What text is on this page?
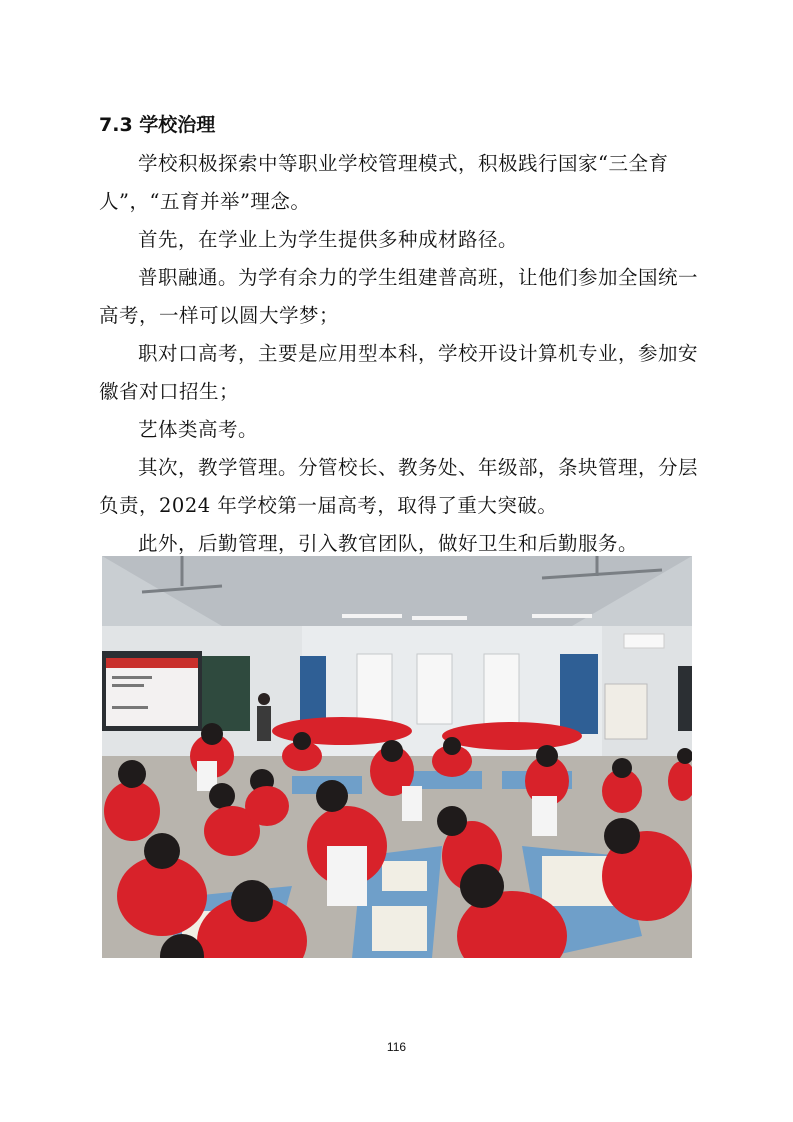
7.3 学校治理

学校积极探索中等职业学校管理模式，积极践行国家“三全育人”，“五育并举”理念。

首先，在学业上为学生提供多种成材路径。

普职融通。为学有余力的学生组建普高班，让他们参加全国统一高考，一样可以圆大学梦；

职对口高考，主要是应用型本科，学校开设计算机专业，参加安徽省对口招生；

艺体类高考。

其次，教学管理。分管校长、教务处、年级部，条块管理，分层负责，2024 年学校第一届高考，取得了重大突破。

此外，后勤管理，引入教官团队，做好卫生和后勤服务。

116
